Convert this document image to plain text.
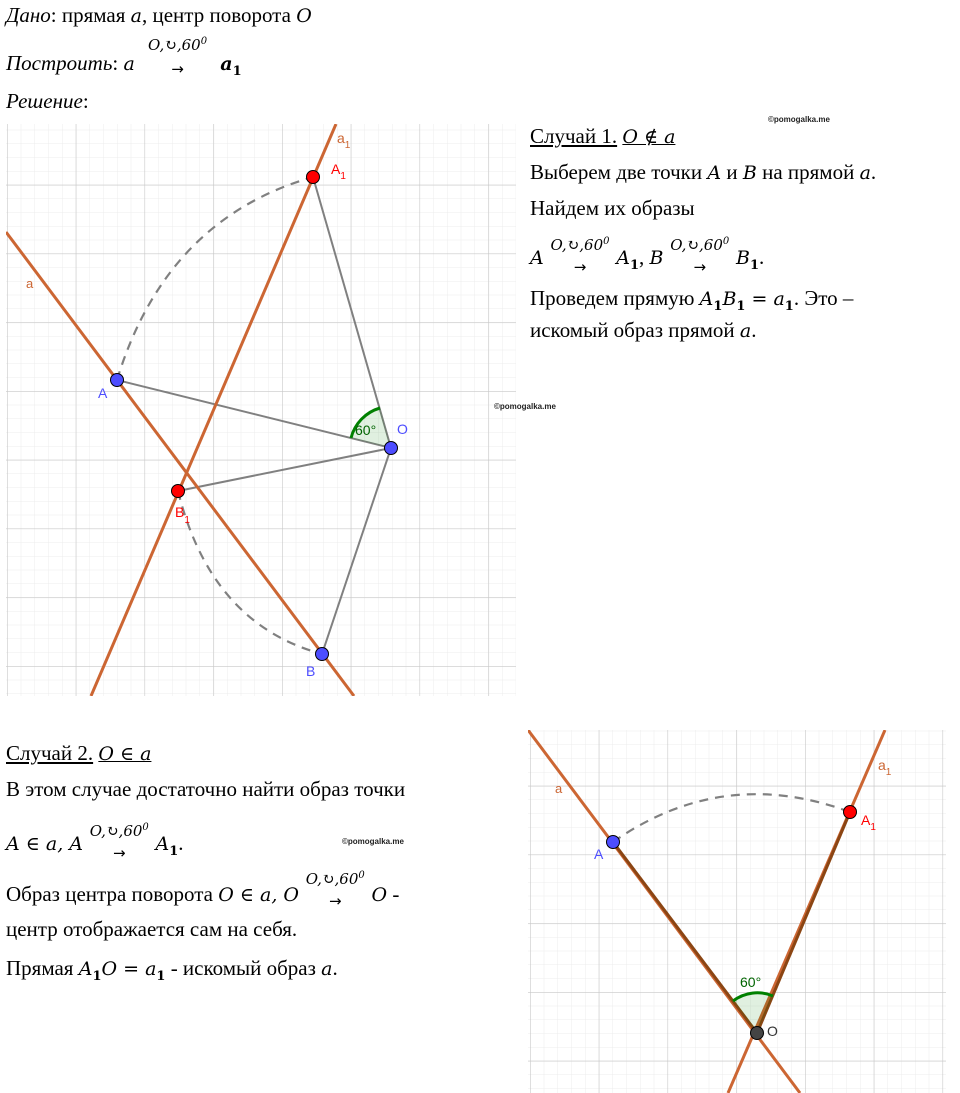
Дано: прямая a, центр поворота O
Построить: a
$O,↻,60^0$
→ $a_1$
Решение:
60°
a
$a_1$
A
$A_1$
B
$B_1$
O
©pomogalka.me
©pomogalka.me
Случай 1. O ∉ a
Выберем две точки A и B на прямой a.
Найдем их образы
A
$O,↻,60^0$
→ $A_1$, B
$O,↻,60^0$
→ $B_1$.
Проведем прямую $A_1B_1 = a_1$. Это –
искомый образ прямой a.
Случай 2. O ∈ a
В этом случае достаточно найти образ точки
A ∈ a, A
$O,↻,60^0$
→ $A_1$.	©pomogalka.me
Образ центра поворота O ∈ a, O
$O,↻,60^0$
→ O -
центр отображается сам на себя.
Прямая $A_1O = a_1$ - искомый образ a.
60°
a
$a_1$
A
$A_1$
O
